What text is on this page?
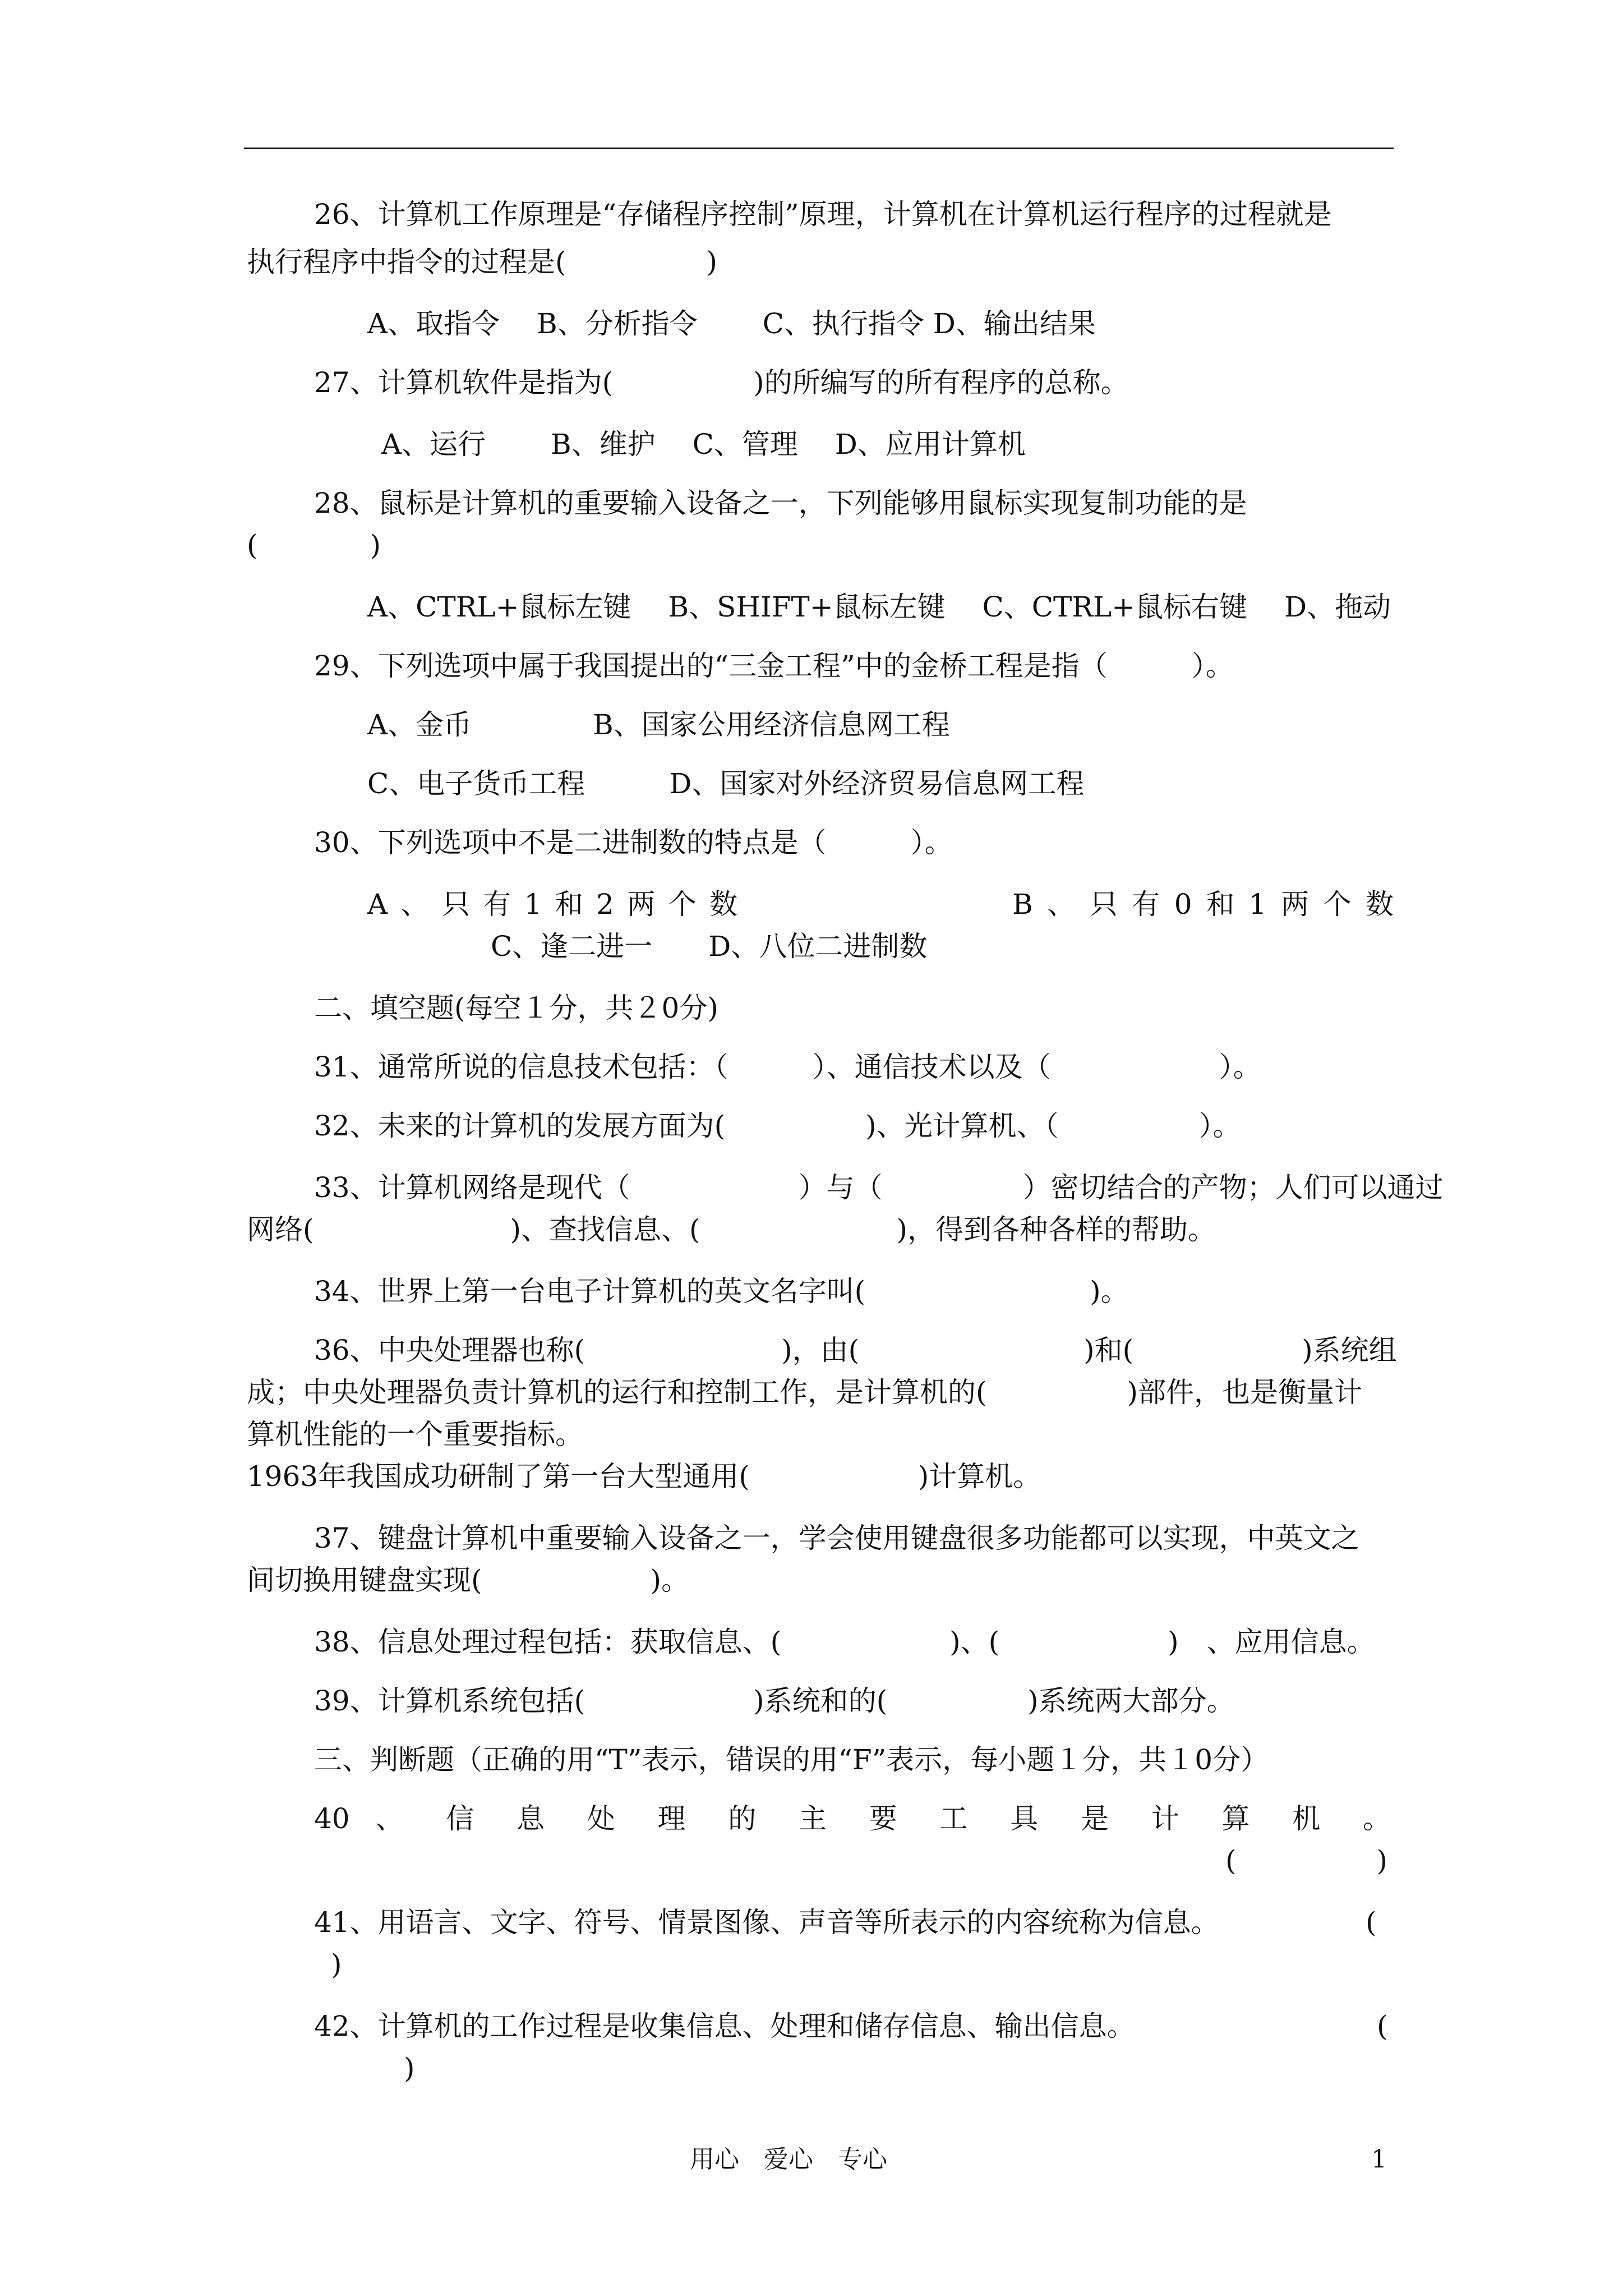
26、计算机工作原理是“存储程序控制”原理，计算机在计算机运行程序的过程就是
执行程序中指令的过程是(　　　　　)
A、取指令　 B、分析指令　　 C、执行指令 D、输出结果
27、计算机软件是指为(　　　　　)的所编写的所有程序的总称。
A、运行　　 B、维护　 C、管理　 D、应用计算机
28、鼠标是计算机的重要输入设备之一，下列能够用鼠标实现复制功能的是
(　　　　)
A、CTRL+鼠标左键　 B、SHIFT+鼠标左键　 C、CTRL+鼠标右键　 D、拖动
29、下列选项中属于我国提出的“三金工程”中的金桥工程是指（　　　）。
A、金币　　　　 B、国家公用经济信息网工程
C、电子货币工程　　　D、国家对外经济贸易信息网工程
30、下列选项中不是二进制数的特点是（　　　）。
A、只有1和2两个数	B、只有0和1两个数
C、逢二进一　　D、八位二进制数
二、填空题(每空１分，共２0分)
31、通常所说的信息技术包括：（　　　）、通信技术以及（　　　　　　）。
32、未来的计算机的发展方面为(　　　　　)、光计算机、（　　　　　）。
33、计算机网络是现代（　　　　　　）与（　　　　　）密切结合的产物；人们可以通过
网络(　　　　　　　)、查找信息、(　　　　　　　)，得到各种各样的帮助。
34、世界上第一台电子计算机的英文名字叫(　　　　　　　　)。
36、中央处理器也称(　　　　　　　)，由(　　　　　　　　)和(　　　　　　)系统组
成；中央处理器负责计算机的运行和控制工作，是计算机的(　　　　　)部件，也是衡量计
算机性能的一个重要指标。
1963年我国成功研制了第一台大型通用(　　　　　　)计算机。
37、键盘计算机中重要输入设备之一，学会使用键盘很多功能都可以实现，中英文之
间切换用键盘实现(　　　　　　)。
38、信息处理过程包括：获取信息、(　　　　　　)、(　　　　　　)　、应用信息。
39、计算机系统包括(　　　　　　)系统和的(　　　　　)系统两大部分。
三、判断题（正确的用“T”表示，错误的用“F”表示，每小题１分，共１0分）
40 、 信 息 处 理 的 主 要 工 具 是 计 算 机 。
(　　　　　)
41、用语言、文字、符号、情景图像、声音等所表示的内容统称为信息。	(
)
42、计算机的工作过程是收集信息、处理和储存信息、输出信息。	(
)
用心　爱心　专心	1
